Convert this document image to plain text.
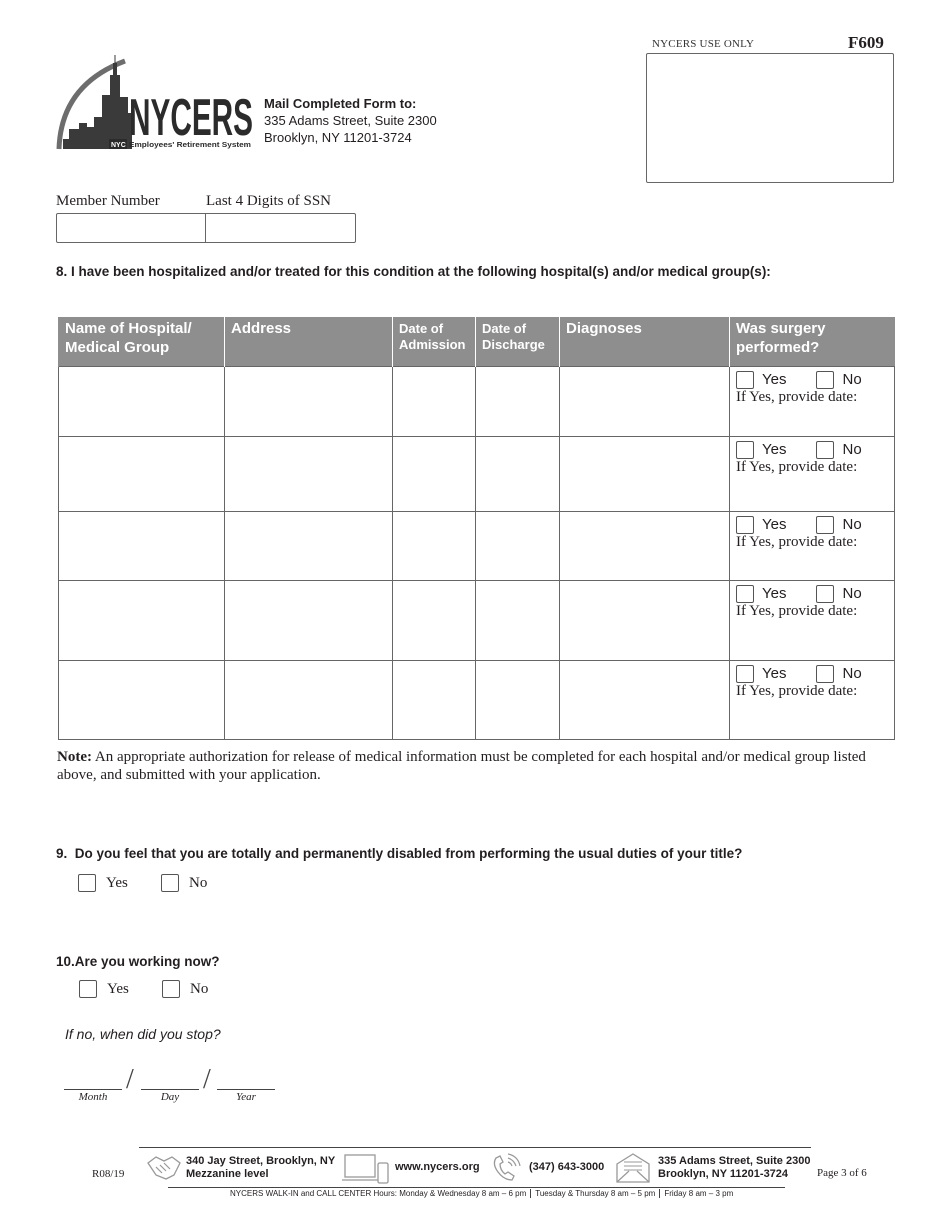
NYCERS USE ONLY	F609
NYCERS
NYC Employees' Retirement System
Mail Completed Form to:
335 Adams Street, Suite 2300
Brooklyn, NY 11201-3724
Member Number	Last 4 Digits of SSN
8. I have been hospitalized and/or treated for this condition at the following hospital(s) and/or medical group(s):
Name of Hospital/ Medical Group	Address	Date of Admission	Date of Discharge	Diagnoses	Was surgery performed?

					Yes No
If Yes, provide date:

					Yes No
If Yes, provide date:

					Yes No
If Yes, provide date:

					Yes No
If Yes, provide date:

					Yes No
If Yes, provide date:
Note: An appropriate authorization for release of medical information must be completed for each hospital and/or medical group listed above, and submitted with your application.
9. Do you feel that you are totally and permanently disabled from performing the usual duties of your title?
Yes	No
10.Are you working now?
Yes	No
If no, when did you stop?
/ /
Month	Day	Year
R08/19
340 Jay Street, Brooklyn, NY
Mezzanine level
www.nycers.org	(347) 643-3000	335 Adams Street, Suite 2300
Brooklyn, NY 11201-3724	Page 3 of 6
NYCERS WALK-IN and CALL CENTER Hours: Monday & Wednesday 8 am – 6 pm Tuesday & Thursday 8 am – 5 pm Friday 8 am – 3 pm
